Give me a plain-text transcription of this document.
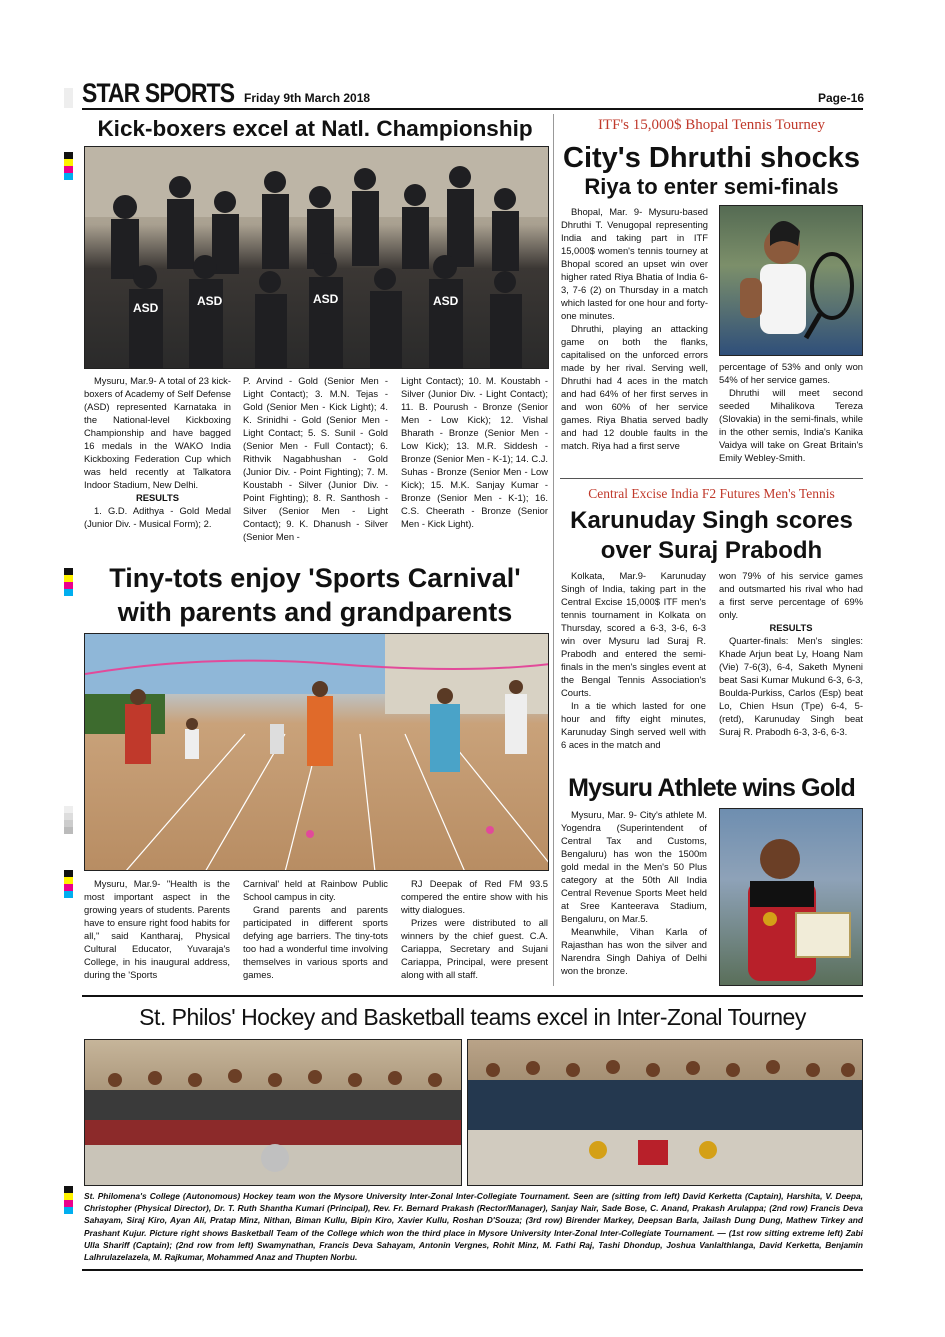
STAR SPORTS Friday 9th March 2018	Page-16
Kick-boxers excel at Natl. Championship
ASD	ASD	ASD	ASD

Mysuru, Mar.9- A total of 23 kick-boxers of Academy of Self Defense (ASD) represented Karnataka in the National-level Kickboxing Championship and have bagged 16 medals in the WAKO India Kickboxing Federation Cup which was held recently at Talkatora Indoor Stadium, New Delhi.

RESULTS

1. G.D. Adithya - Gold Medal (Junior Div. - Musical Form); 2.

P. Arvind - Gold (Senior Men - Light Contact); 3. M.N. Tejas - Gold (Senior Men - Kick Light); 4. K. Srinidhi - Gold (Senior Men - Light Contact; 5. S. Sunil - Gold (Senior Men - Full Contact); 6. Rithvik Nagabhushan - Gold (Junior Div. - Point Fighting); 7. M. Koustabh - Silver (Junior Div. - Point Fighting); 8. R. Santhosh - Silver (Senior Men - Light Contact); 9. K. Dhanush - Silver (Senior Men -

Light Contact); 10. M. Koustabh - Silver (Junior Div. - Light Contact); 11. B. Pourush - Bronze (Senior Men - Low Kick); 12. Vishal Bharath - Bronze (Senior Men - Low Kick); 13. M.R. Siddesh - Bronze (Senior Men - K-1); 14. C.J. Suhas - Bronze (Senior Men - Low Kick); 15. M.K. Sanjay Kumar - Bronze (Senior Men - K-1); 16. C.S. Cheerath - Bronze (Senior Men - Kick Light).

ITF's 15,000$ Bhopal Tennis Tourney
City's Dhruthi shocks
Riya to enter semi-finals

Bhopal, Mar. 9- Mysuru-based Dhruthi T. Venugopal representing India and taking part in ITF 15,000$ women's tennis tourney at Bhopal scored an upset win over higher rated Riya Bhatia of India 6-3, 7-6 (2) on Thursday in a match which lasted for one hour and forty-one minutes.

Dhruthi, playing an attacking game on both the flanks, capitalised on the unforced errors made by her rival. Serving well, Dhruthi had 4 aces in the match and had 64% of her first serves in and won 60% of her service games. Riya Bhatia served badly and had 12 double faults in the match. Riya had a first serve

percentage of 53% and only won 54% of her service games.

Dhruthi will meet second seeded Mihalikova Tereza (Slovakia) in the semi-finals, while in the other semis, India's Kanika Vaidya will take on Great Britain's Emily Webley-Smith.

Central Excise India F2 Futures Men's Tennis
Karunuday Singh scores
over Suraj Prabodh

Kolkata, Mar.9- Karunuday Singh of India, taking part in the Central Excise 15,000$ ITF men's tennis tournament in Kolkata on Thursday, scored a 6-3, 3-6, 6-3 win over Mysuru lad Suraj R. Prabodh and entered the semi-finals in the men's singles event at the Bengal Tennis Association's Courts.

In a tie which lasted for one hour and fifty eight minutes, Karunuday Singh served well with 6 aces in the match and

won 79% of his service games and outsmarted his rival who had a first serve percentage of 69% only.

RESULTS

Quarter-finals: Men's singles: Khade Arjun beat Ly, Hoang Nam (Vie) 7-6(3), 6-4, Saketh Myneni beat Sasi Kumar Mukund 6-3, 6-3, Boulda-Purkiss, Carlos (Esp) beat Lo, Chien Hsun (Tpe) 6-4, 5- (retd), Karunuday Singh beat Suraj R. Prabodh 6-3, 3-6, 6-3.

Mysuru Athlete wins Gold

Mysuru, Mar. 9- City's athlete M. Yogendra (Superintendent of Central Tax and Customs, Bengaluru) has won the 1500m gold medal in the Men's 50 Plus category at the 50th All India Central Revenue Sports Meet held at Sree Kanteerava Stadium, Bengaluru, on Mar.5.

Meanwhile, Vihan Karla of Rajasthan has won the silver and Narendra Singh Dahiya of Delhi won the bronze.

Tiny-tots enjoy 'Sports Carnival'
with parents and grandparents

Mysuru, Mar.9- "Health is the most important aspect in the growing years of students. Parents have to ensure right food habits for all," said Kantharaj, Physical Cultural Educator, Yuvaraja's College, in his inaugural address, during the 'Sports

Carnival' held at Rainbow Public School campus in city.

Grand parents and parents participated in different sports defying age barriers. The tiny-tots too had a wonderful time involving themselves in various sports and games.

RJ Deepak of Red FM 93.5 compered the entire show with his witty dialogues.

Prizes were distributed to all winners by the chief guest. C.A. Cariappa, Secretary and Sujani Cariappa, Principal, were present along with all staff.

St. Philos' Hockey and Basketball teams excel in Inter-Zonal Tourney
St. Philomena's College (Autonomous) Hockey team won the Mysore University Inter-Zonal Inter-Collegiate Tournament. Seen are (sitting from left) David Kerketta (Captain), Harshita, V. Deepa, Christopher (Physical Director), Dr. T. Ruth Shantha Kumari (Principal), Rev. Fr. Bernard Prakash (Rector/Manager), Sanjay Nair, Sade Bose, C. Anand, Prakash Arulappa; (2nd row) Francis Deva Sahayam, Siraj Kiro, Ayan Ali, Pratap Minz, Nithan, Biman Kullu, Bipin Kiro, Xavier Kullu, Roshan D'Souza; (3rd row) Birender Markey, Deepsan Barla, Jailash Dung Dung, Mathew Tirkey and Prashant Kujur. Picture right shows Basketball Team of the College which won the third place in Mysore University Inter-Zonal Inter-Collegiate Tournament. — (1st row sitting extreme left) Zabi Ulla Shariff (Captain); (2nd row from left) Swamynathan, Francis Deva Sahayam, Antonin Vergnes, Rohit Minz, M. Fathi Raj, Tashi Dhondup, Joshua Vanlalthlanga, David Kerketta, Benjamin Lalhrulazelazela, M. Rajkumar, Mohammed Anaz and Thupten Norbu.
